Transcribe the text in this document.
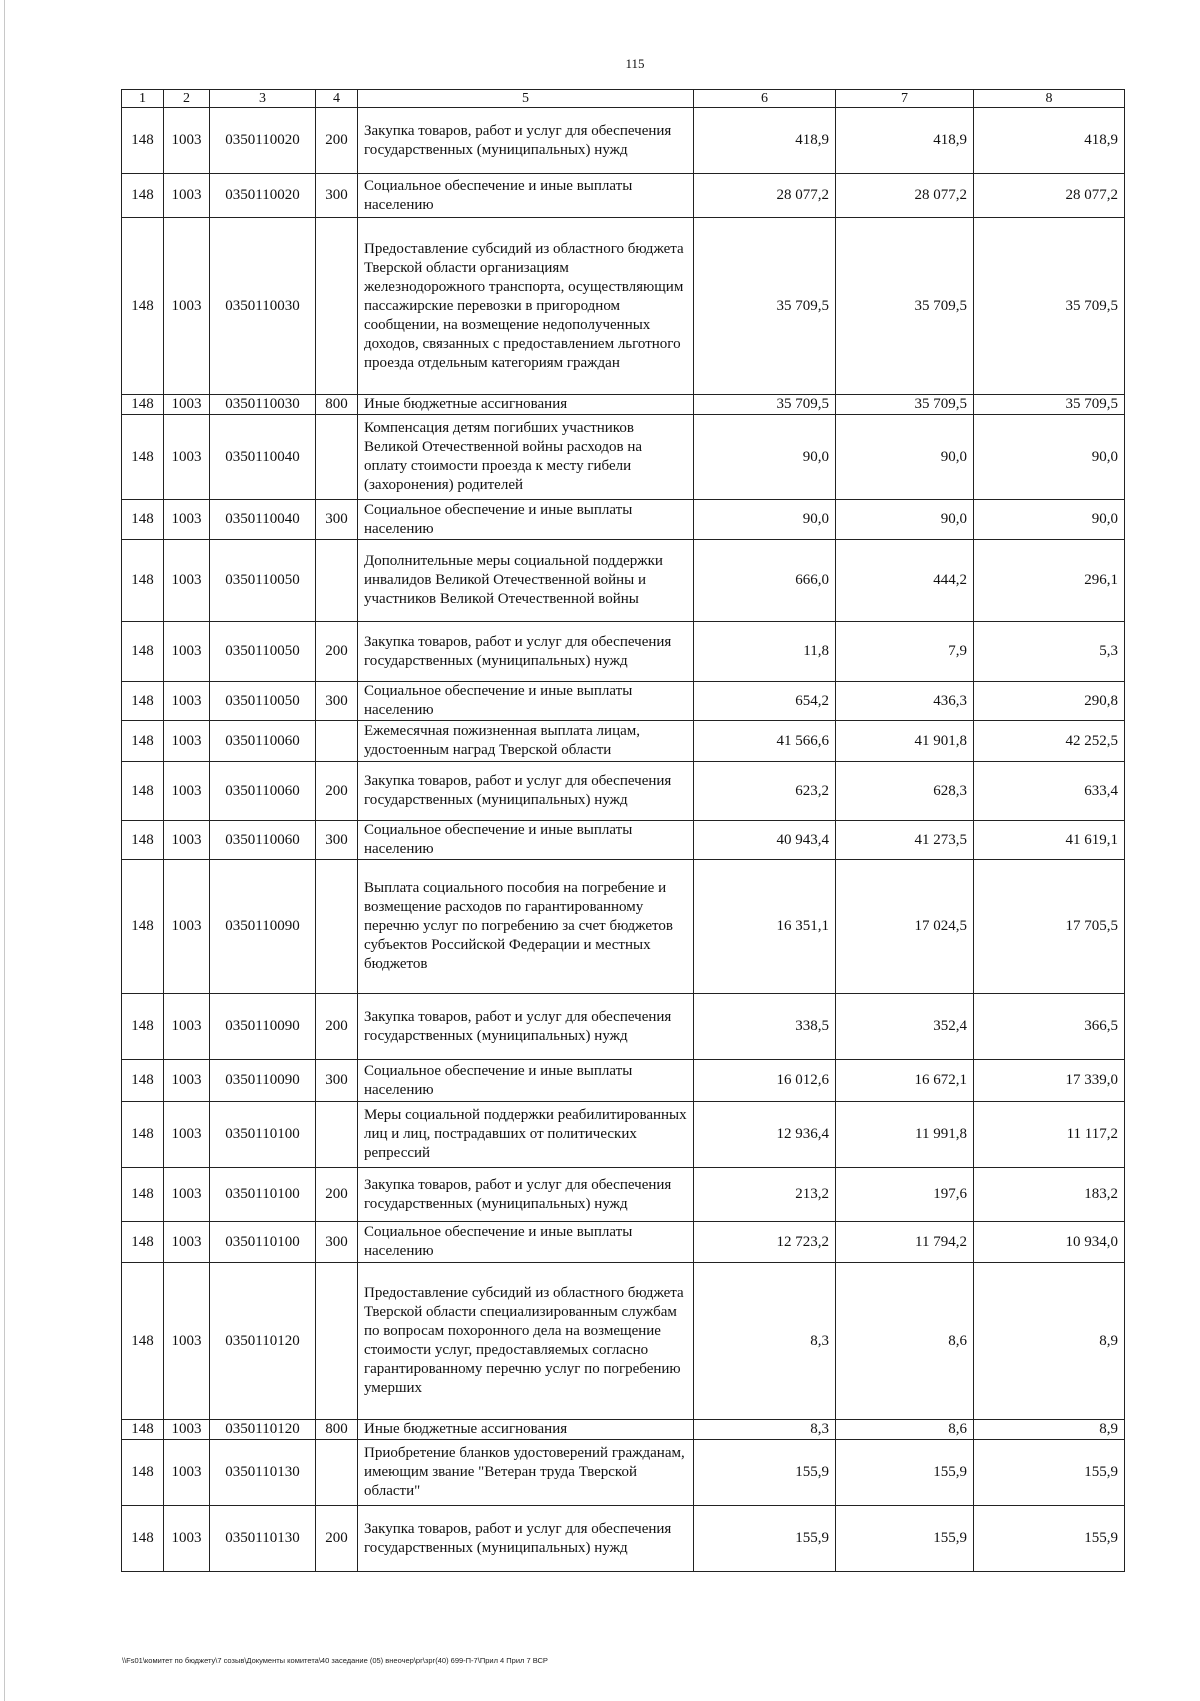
115
1	2	3	4	5	6	7	8
148	1003	0350110020	200	Закупка товаров, работ и услуг для обеспечения государственных (муниципальных) нужд	418,9	418,9	418,9
148	1003	0350110020	300	Социальное обеспечение и иные выплаты населению	28 077,2	28 077,2	28 077,2
148	1003	0350110030		Предоставление субсидий из областного бюджета Тверской области организациям железнодорожного транспорта, осуществляющим пассажирские перевозки в пригородном сообщении, на возмещение недополученных доходов, связанных с предоставлением льготного проезда отдельным категориям граждан	35 709,5	35 709,5	35 709,5
148	1003	0350110030	800	Иные бюджетные ассигнования	35 709,5	35 709,5	35 709,5
148	1003	0350110040		Компенсация детям погибших участников Великой Отечественной войны расходов на оплату стоимости проезда к месту гибели (захоронения) родителей	90,0	90,0	90,0
148	1003	0350110040	300	Социальное обеспечение и иные выплаты населению	90,0	90,0	90,0
148	1003	0350110050		Дополнительные меры социальной поддержки инвалидов Великой Отечественной войны и участников Великой Отечественной войны	666,0	444,2	296,1
148	1003	0350110050	200	Закупка товаров, работ и услуг для обеспечения государственных (муниципальных) нужд	11,8	7,9	5,3
148	1003	0350110050	300	Социальное обеспечение и иные выплаты населению	654,2	436,3	290,8
148	1003	0350110060		Ежемесячная пожизненная выплата лицам, удостоенным наград Тверской области	41 566,6	41 901,8	42 252,5
148	1003	0350110060	200	Закупка товаров, работ и услуг для обеспечения государственных (муниципальных) нужд	623,2	628,3	633,4
148	1003	0350110060	300	Социальное обеспечение и иные выплаты населению	40 943,4	41 273,5	41 619,1
148	1003	0350110090		Выплата социального пособия на погребение и возмещение расходов по гарантированному перечню услуг по погребению за счет бюджетов субъектов Российской Федерации и местных бюджетов	16 351,1	17 024,5	17 705,5
148	1003	0350110090	200	Закупка товаров, работ и услуг для обеспечения государственных (муниципальных) нужд	338,5	352,4	366,5
148	1003	0350110090	300	Социальное обеспечение и иные выплаты населению	16 012,6	16 672,1	17 339,0
148	1003	0350110100		Меры социальной поддержки реабилитированных лиц и лиц, пострадавших от политических репрессий	12 936,4	11 991,8	11 117,2
148	1003	0350110100	200	Закупка товаров, работ и услуг для обеспечения государственных (муниципальных) нужд	213,2	197,6	183,2
148	1003	0350110100	300	Социальное обеспечение и иные выплаты населению	12 723,2	11 794,2	10 934,0
148	1003	0350110120		Предоставление субсидий из областного бюджета Тверской области специализированным службам по вопросам похоронного дела на возмещение стоимости услуг, предоставляемых согласно гарантированному перечню услуг по погребению умерших	8,3	8,6	8,9
148	1003	0350110120	800	Иные бюджетные ассигнования	8,3	8,6	8,9
148	1003	0350110130		Приобретение бланков удостоверений гражданам, имеющим звание "Ветеран труда Тверской области"	155,9	155,9	155,9
148	1003	0350110130	200	Закупка товаров, работ и услуг для обеспечения государственных (муниципальных) нужд	155,9	155,9	155,9
\\Fs01\комитет по бюджету\7 созыв\Документы комитета\40 заседание (05) внеочер\рг\зрг(40) 699-П-7\Прил 4 Прил 7 ВСР
